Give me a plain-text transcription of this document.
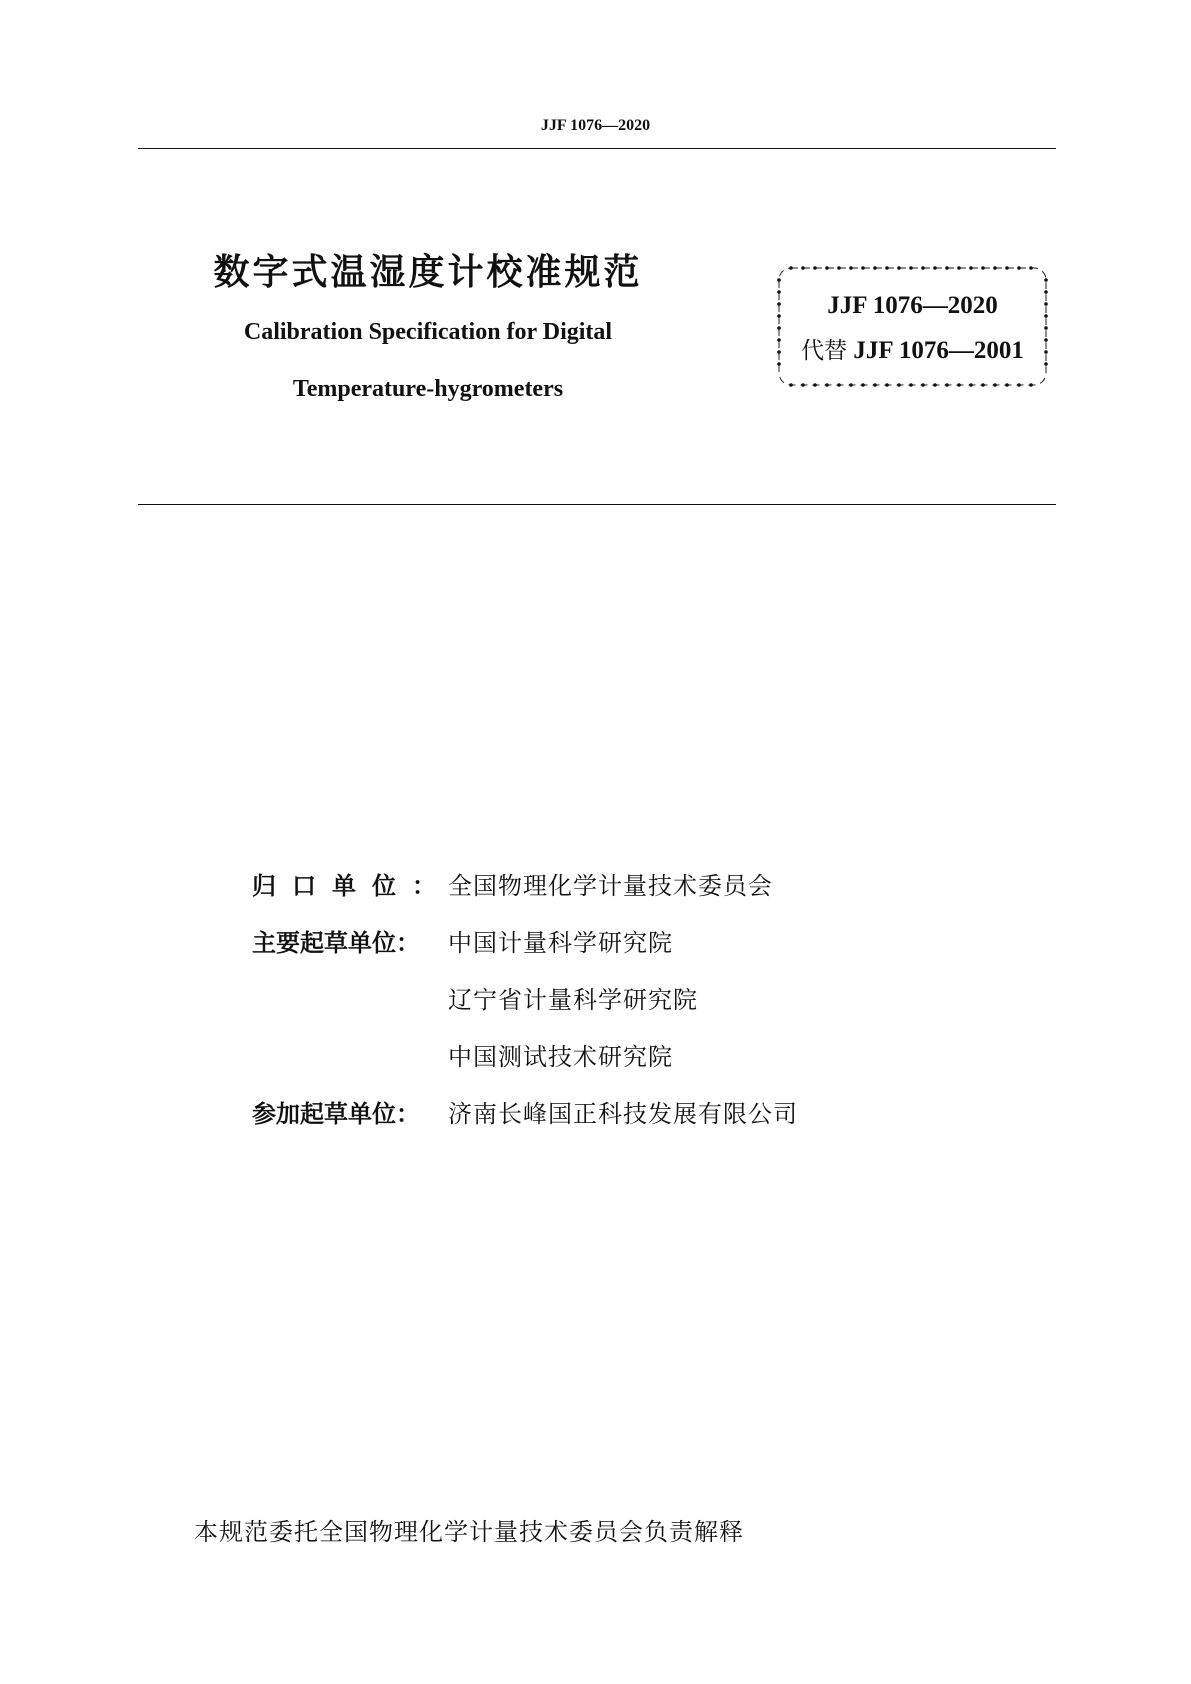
JJF 1076—2020
数字式温湿度计校准规范
Calibration Specification for Digital
Temperature-hygrometers
JJF 1076—2020
代替 JJF 1076—2001
归口单位 ： 全国物理化学计量技术委员会
主要起草单位 ： 中国计量科学研究院
辽宁省计量科学研究院
中国测试技术研究院
参加起草单位 ： 济南长峰国正科技发展有限公司
本规范委托全国物理化学计量技术委员会负责解释
